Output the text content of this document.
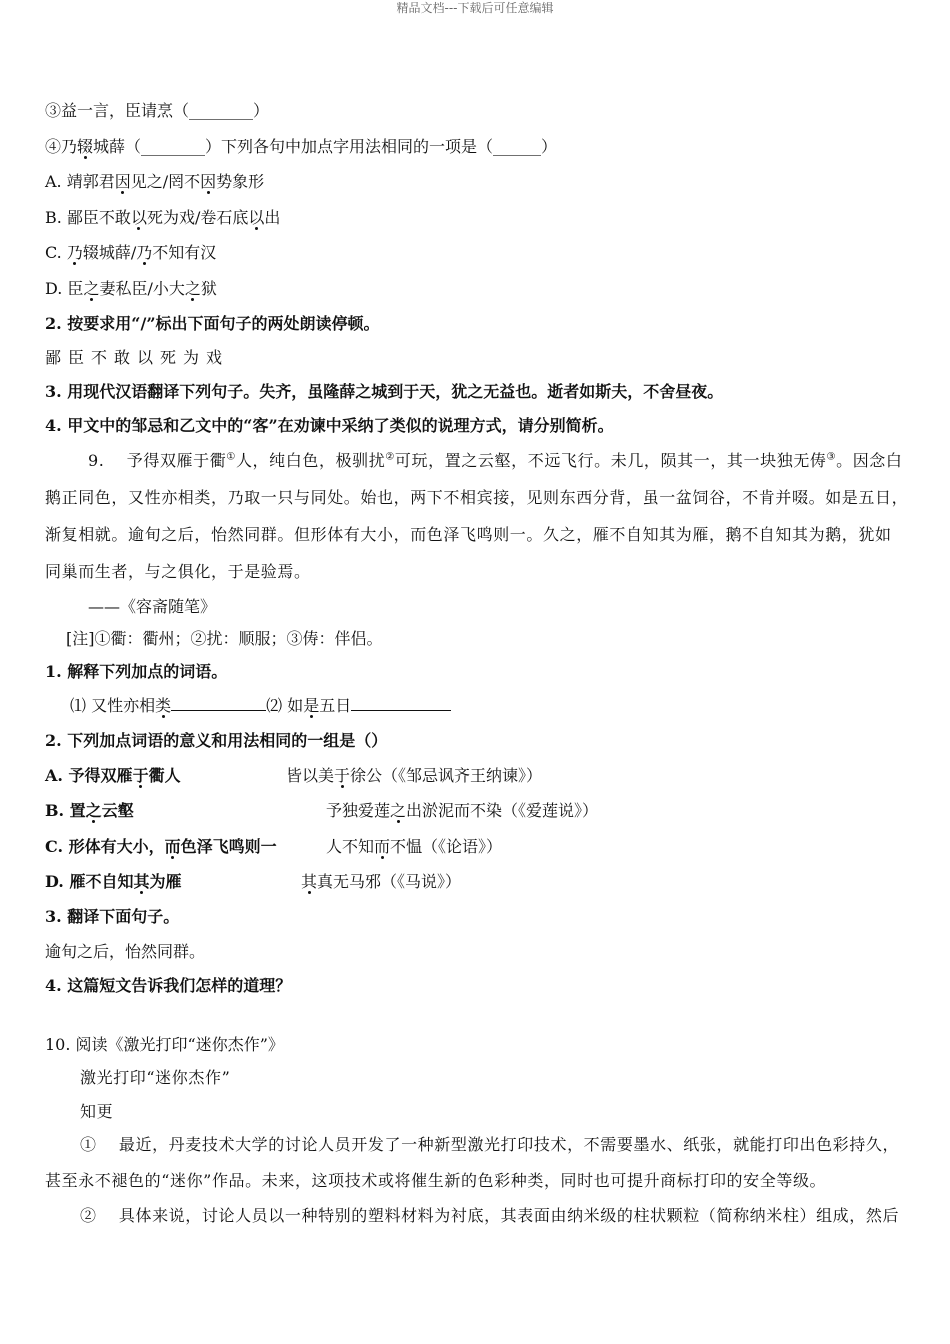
精品文档---下载后可任意编辑
③益一言，臣请烹（________）
④乃辍城薛（________）下列各句中加点字用法相同的一项是（______）
A. 靖郭君因见之/罔不因势象形
B. 鄙臣不敢以死为戏/卷石底以出
C. 乃辍城薛/乃不知有汉
D. 臣之妻私臣/小大之狱
2. 按要求用“/”标出下面句子的两处朗读停顿。
鄙臣不敢以死为戏
3. 用现代汉语翻译下列句子。失齐，虽隆薛之城到于天，犹之无益也。逝者如斯夫，不舍昼夜。
4. 甲文中的邹忌和乙文中的“客”在劝谏中采纳了类似的说理方式，请分别简析。
9.　 予得双雁于衢①人，纯白色，极驯扰②可玩，置之云壑，不远飞行。未几，陨其一，其一块独无俦③。因念白
鹅正同色，又性亦相类，乃取一只与同处。始也，两下不相宾接，见则东西分背，虽一盆饲谷，不肯并啜。如是五日，
渐复相就。逾旬之后，怡然同群。但形体有大小，而色泽飞鸣则一。久之，雁不自知其为雁，鹅不自知其为鹅，犹如
同巢而生者，与之俱化，于是验焉。
——《容斋随笔》
[注]①衢：衢州；②扰：顺服；③俦：伴侣。
1. 解释下列加点的词语。
⑴ 又性亦相类	⑵ 如是五日
2. 下列加点词语的意义和用法相同的一组是（）
A. 予得双雁于衢人	皆以美于徐公（《邹忌讽齐王纳谏》）
B. 置之云壑	予独爱莲之出淤泥而不染（《爱莲说》）
C. 形体有大小，而色泽飞鸣则一	人不知而不愠（《论语》）
D. 雁不自知其为雁	其真无马邪（《马说》）
3. 翻译下面句子。
逾旬之后，怡然同群。
4. 这篇短文告诉我们怎样的道理？
10. 阅读《激光打印“迷你杰作”》
激光打印“迷你杰作”
知更
①　 最近，丹麦技术大学的讨论人员开发了一种新型激光打印技术，不需要墨水、纸张，就能打印出色彩持久，
甚至永不褪色的“迷你”作品。未来，这项技术或将催生新的色彩种类，同时也可提升商标打印的安全等级。
②　 具体来说，讨论人员以一种特别的塑料材料为衬底，其表面由纳米级的柱状颗粒（简称纳米柱）组成，然后
